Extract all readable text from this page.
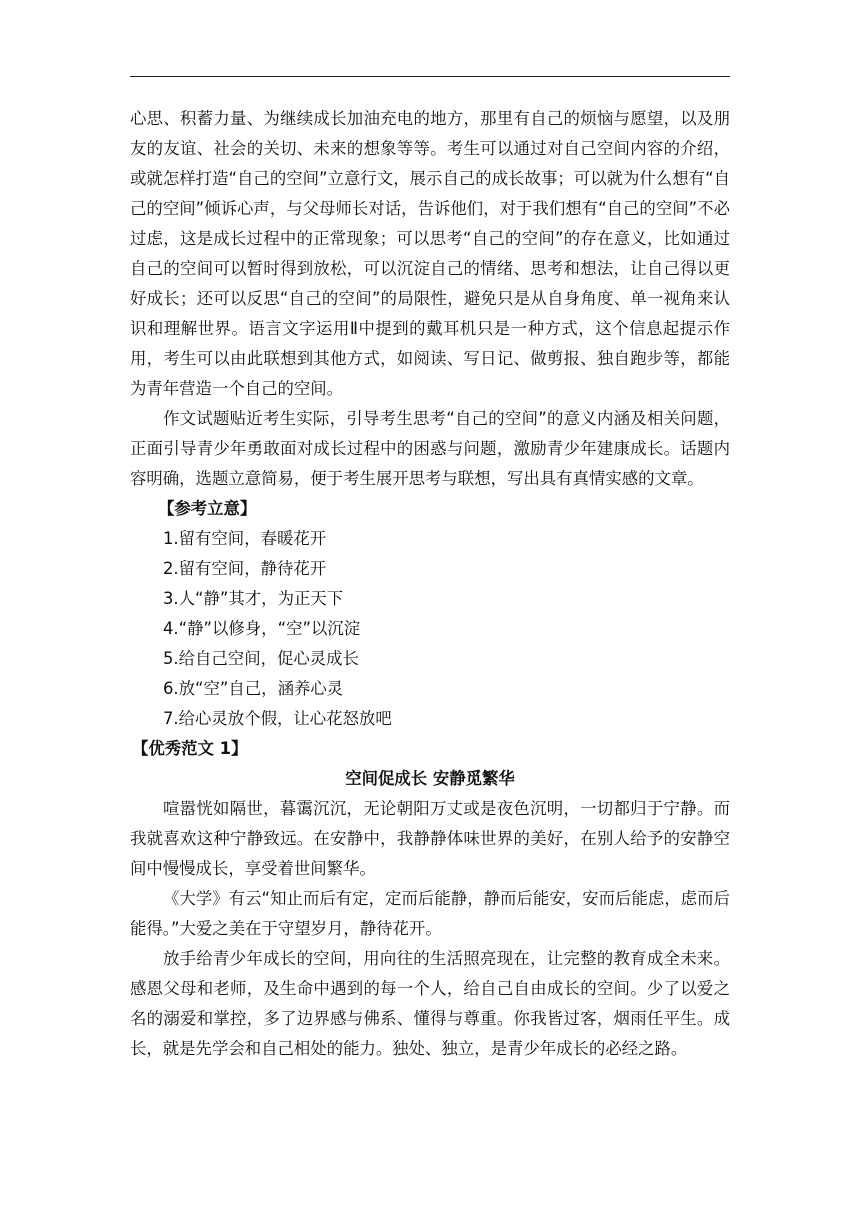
心思、积蓄力量、为继续成长加油充电的地方，那里有自己的烦恼与愿望，以及朋友的友谊、社会的关切、未来的想象等等。考生可以通过对自己空间内容的介绍，或就怎样打造“自己的空间”立意行文，展示自己的成长故事；可以就为什么想有“自己的空间”倾诉心声，与父母师长对话，告诉他们，对于我们想有“自己的空间”不必过虑，这是成长过程中的正常现象；可以思考“自己的空间”的存在意义，比如通过自己的空间可以暂时得到放松，可以沉淀自己的情绪、思考和想法，让自己得以更好成长；还可以反思“自己的空间”的局限性，避免只是从自身角度、单一视角来认识和理解世界。语言文字运用Ⅱ中提到的戴耳机只是一种方式，这个信息起提示作用，考生可以由此联想到其他方式，如阅读、写日记、做剪报、独自跑步等，都能为青年营造一个自己的空间。

作文试题贴近考生实际，引导考生思考“自己的空间”的意义内涵及相关问题，正面引导青少年勇敢面对成长过程中的困惑与问题，激励青少年建康成长。话题内容明确，选题立意简易，便于考生展开思考与联想，写出具有真情实感的文章。

【参考立意】

1.留有空间，春暖花开
2.留有空间，静待花开
3.人“静”其才，为正天下
4.“静”以修身，“空”以沉淀
5.给自己空间，促心灵成长
6.放“空”自己，涵养心灵
7.给心灵放个假，让心花怒放吧

【优秀范文 1】

空间促成长 安静觅繁华

喧嚣恍如隔世，暮霭沉沉，无论朝阳万丈或是夜色沉明，一切都归于宁静。而我就喜欢这种宁静致远。在安静中，我静静体味世界的美好，在别人给予的安静空间中慢慢成长，享受着世间繁华。

《大学》有云“知止而后有定，定而后能静，静而后能安，安而后能虑，虑而后能得。”大爱之美在于守望岁月，静待花开。

放手给青少年成长的空间，用向往的生活照亮现在，让完整的教育成全未来。感恩父母和老师，及生命中遇到的每一个人，给自己自由成长的空间。少了以爱之名的溺爱和掌控，多了边界感与佛系、懂得与尊重。你我皆过客，烟雨任平生。成长，就是先学会和自己相处的能力。独处、独立，是青少年成长的必经之路。
